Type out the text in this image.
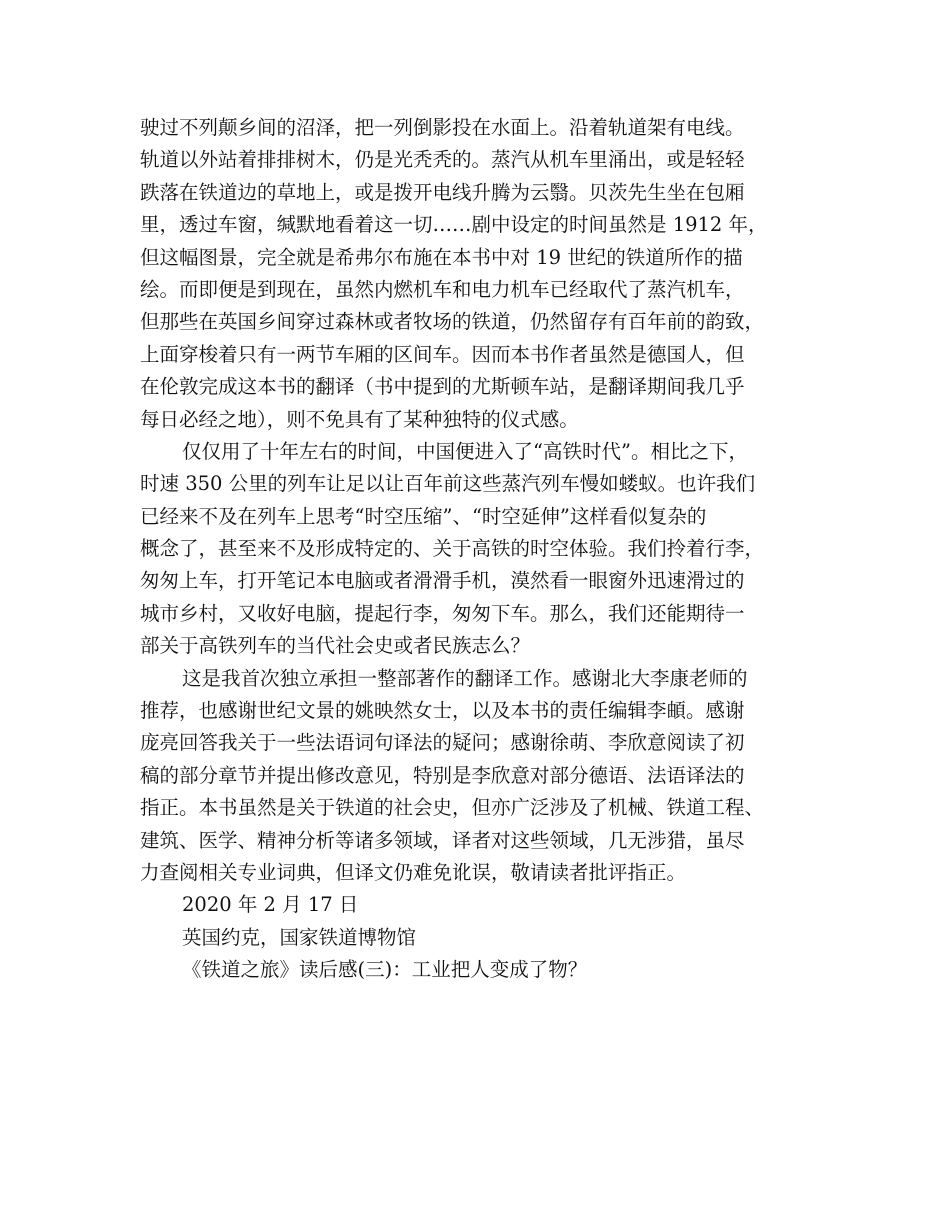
驶过不列颠乡间的沼泽，把一列倒影投在水面上。沿着轨道架有电线。
轨道以外站着排排树木，仍是光秃秃的。蒸汽从机车里涌出，或是轻轻
跌落在铁道边的草地上，或是拨开电线升腾为云翳。贝茨先生坐在包厢
里，透过车窗，缄默地看着这一切……剧中设定的时间虽然是 1912 年，
但这幅图景，完全就是希弗尔布施在本书中对 19 世纪的铁道所作的描
绘。而即便是到现在，虽然内燃机车和电力机车已经取代了蒸汽机车，
但那些在英国乡间穿过森林或者牧场的铁道，仍然留存有百年前的韵致，
上面穿梭着只有一两节车厢的区间车。因而本书作者虽然是德国人，但
在伦敦完成这本书的翻译（书中提到的尤斯顿车站，是翻译期间我几乎
每日必经之地），则不免具有了某种独特的仪式感。
仅仅用了十年左右的时间，中国便进入了“高铁时代”。相比之下，
时速 350 公里的列车让足以让百年前这些蒸汽列车慢如蝼蚁。也许我们
已经来不及在列车上思考“时空压缩”、“时空延伸”这样看似复杂的
概念了，甚至来不及形成特定的、关于高铁的时空体验。我们拎着行李，
匆匆上车，打开笔记本电脑或者滑滑手机，漠然看一眼窗外迅速滑过的
城市乡村，又收好电脑，提起行李，匆匆下车。那么，我们还能期待一
部关于高铁列车的当代社会史或者民族志么？
这是我首次独立承担一整部著作的翻译工作。感谢北大李康老师的
推荐，也感谢世纪文景的姚映然女士，以及本书的责任编辑李頔。感谢
庞亮回答我关于一些法语词句译法的疑问；感谢徐萌、李欣意阅读了初
稿的部分章节并提出修改意见，特别是李欣意对部分德语、法语译法的
指正。本书虽然是关于铁道的社会史，但亦广泛涉及了机械、铁道工程、
建筑、医学、精神分析等诸多领域，译者对这些领域，几无涉猎，虽尽
力查阅相关专业词典，但译文仍难免讹误，敬请读者批评指正。
2020 年 2 月 17 日
英国约克，国家铁道博物馆
《铁道之旅》读后感(三)：工业把人变成了物？
